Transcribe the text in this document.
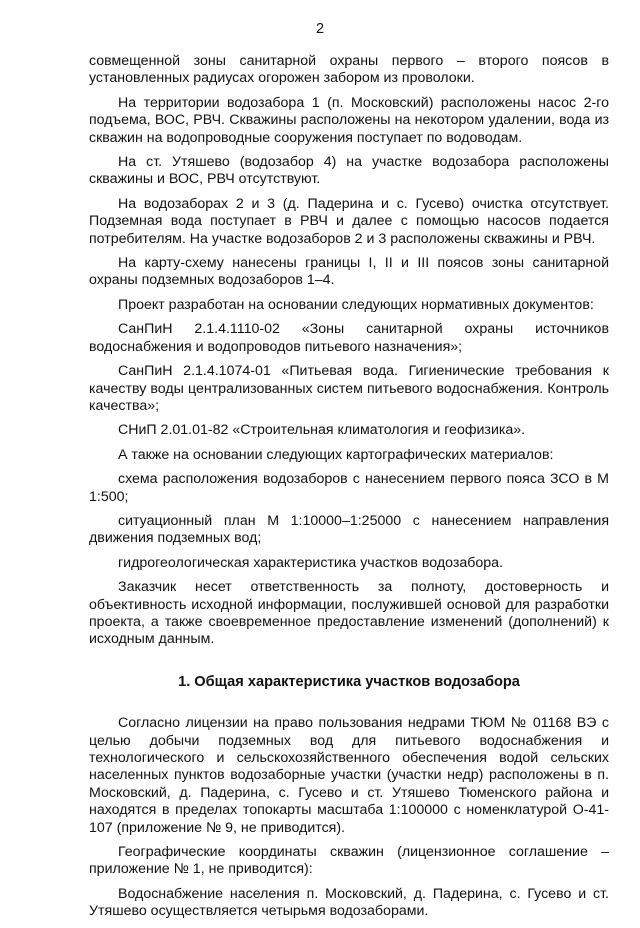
2

совмещенной зоны санитарной охраны первого – второго поясов в установленных радиусах огорожен забором из проволоки.

На территории водозабора 1 (п. Московский) расположены насос 2-го подъема, ВОС, РВЧ. Скважины расположены на некотором удалении, вода из скважин на водопроводные сооружения поступает по водоводам.

На ст. Утяшево (водозабор 4) на участке водозабора расположены скважины и ВОС, РВЧ отсутствуют.

На водозаборах 2 и 3 (д. Падерина и с. Гусево) очистка отсутствует. Подземная вода поступает в РВЧ и далее с помощью насосов подается потребителям. На участке водозаборов 2 и 3 расположены скважины и РВЧ.

На карту-схему нанесены границы I, II и III поясов зоны санитарной охраны подземных водозаборов 1–4.

Проект разработан на основании следующих нормативных документов:

СанПиН 2.1.4.1110-02 «Зоны санитарной охраны источников водоснабжения и водопроводов питьевого назначения»;

СанПиН 2.1.4.1074-01 «Питьевая вода. Гигиенические требования к качеству воды централизованных систем питьевого водоснабжения. Контроль качества»;

СНиП 2.01.01-82 «Строительная климатология и геофизика».

А также на основании следующих картографических материалов:

схема расположения водозаборов с нанесением первого пояса ЗСО в М 1:500;

ситуационный план М 1:10000–1:25000 с нанесением направления движения подземных вод;

гидрогеологическая характеристика участков водозабора.

Заказчик несет ответственность за полноту, достоверность и объективность исходной информации, послужившей основой для разработки проекта, а также своевременное предоставление изменений (дополнений) к исходным данным.

1. Общая характеристика участков водозабора

Согласно лицензии на право пользования недрами ТЮМ № 01168 ВЭ с целью добычи подземных вод для питьевого водоснабжения и технологического и сельскохозяйственного обеспечения водой сельских населенных пунктов водозаборные участки (участки недр) расположены в п. Московский, д. Падерина, с. Гусево и ст. Утяшево Тюменского района и находятся в пределах топокарты масштаба 1:100000 с номенклатурой О-41-107 (приложение № 9, не приводится).

Географические координаты скважин (лицензионное соглашение – приложение № 1, не приводится):

Водоснабжение населения п. Московский, д. Падерина, с. Гусево и ст. Утяшево осуществляется четырьмя водозаборами.
